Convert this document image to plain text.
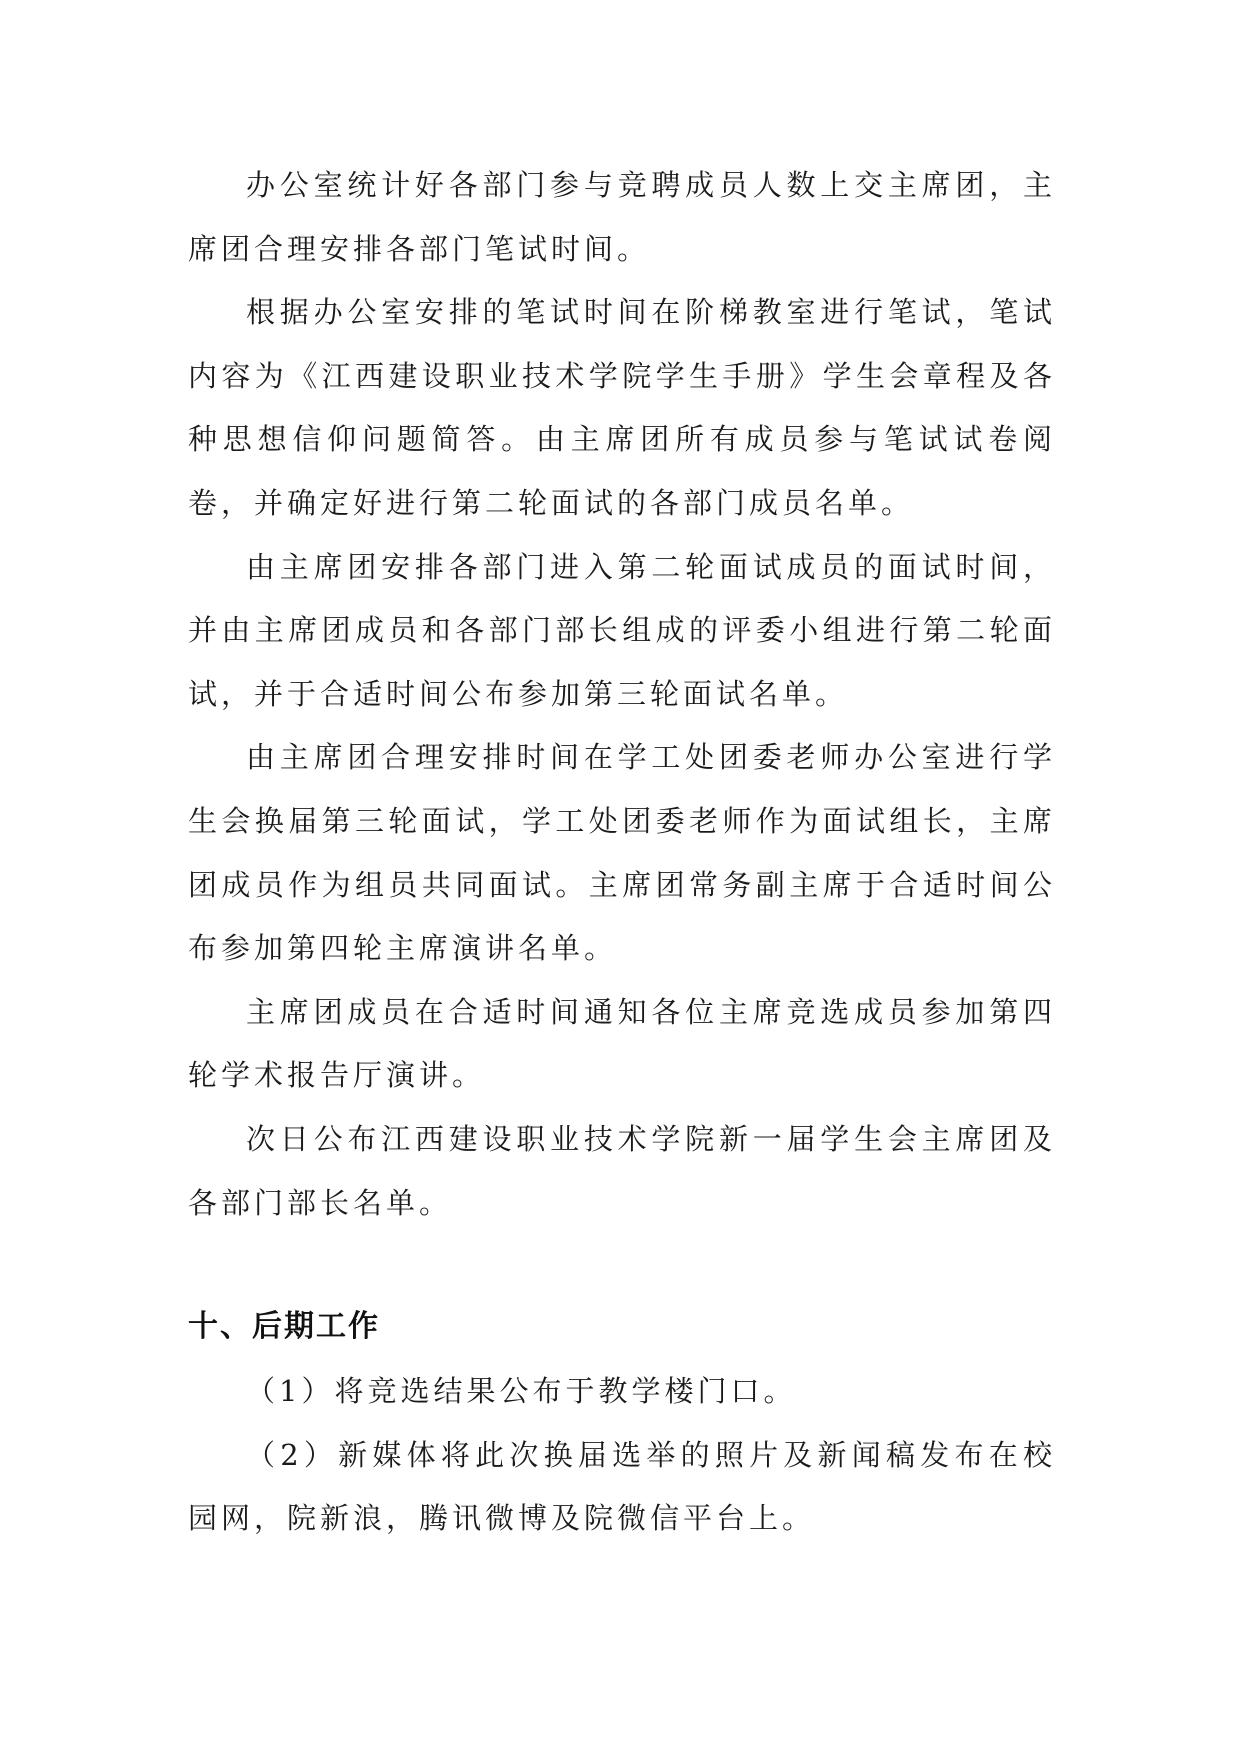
办公室统计好各部门参与竞聘成员人数上交主席团，主席团合理安排各部门笔试时间。

根据办公室安排的笔试时间在阶梯教室进行笔试，笔试内容为《江西建设职业技术学院学生手册》学生会章程及各种思想信仰问题简答。由主席团所有成员参与笔试试卷阅卷，并确定好进行第二轮面试的各部门成员名单。

由主席团安排各部门进入第二轮面试成员的面试时间，并由主席团成员和各部门部长组成的评委小组进行第二轮面试，并于合适时间公布参加第三轮面试名单。

由主席团合理安排时间在学工处团委老师办公室进行学生会换届第三轮面试，学工处团委老师作为面试组长，主席团成员作为组员共同面试。主席团常务副主席于合适时间公布参加第四轮主席演讲名单。

主席团成员在合适时间通知各位主席竞选成员参加第四轮学术报告厅演讲。

次日公布江西建设职业技术学院新一届学生会主席团及各部门部长名单。

十、后期工作

（1）将竞选结果公布于教学楼门口。

（2）新媒体将此次换届选举的照片及新闻稿发布在校园网，院新浪，腾讯微博及院微信平台上。
